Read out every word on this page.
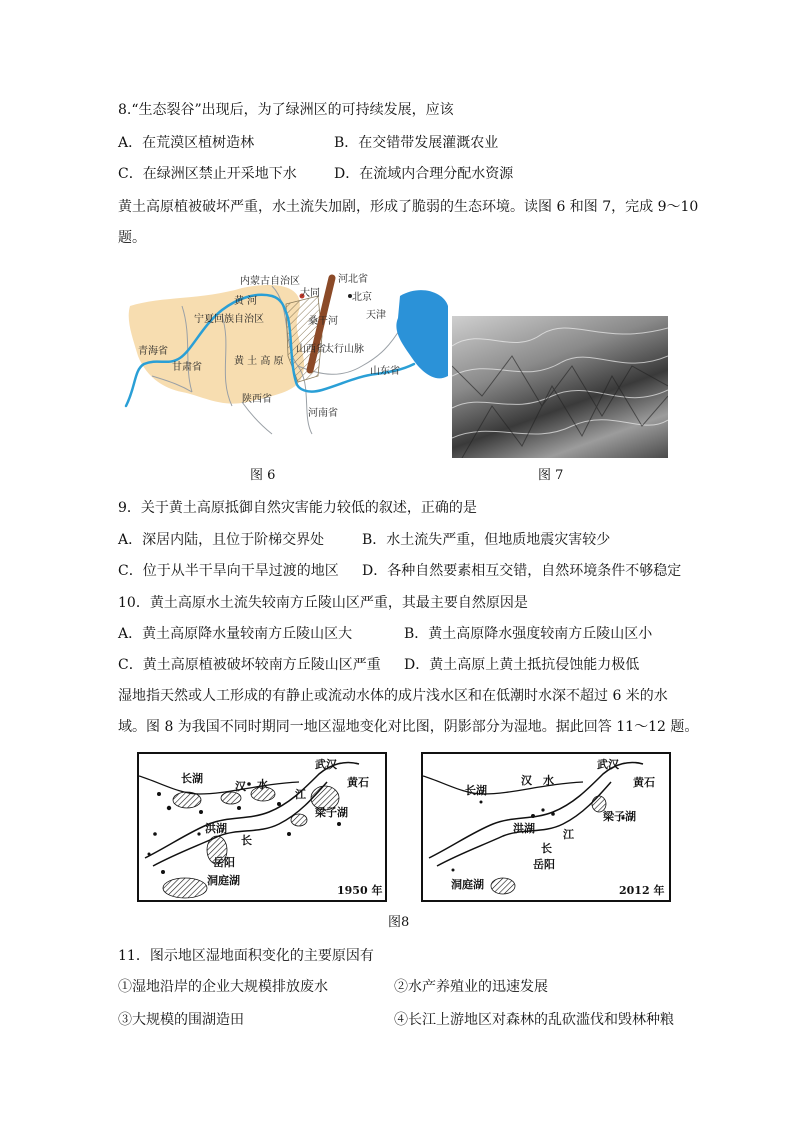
8.“生态裂谷”出现后，为了绿洲区的可持续发展，应该
A．在荒漠区植树造林	B．在交错带发展灌溉农业
C．在绿洲区禁止开采地下水	D．在流域内合理分配水资源
黄土高原植被破坏严重，水土流失加剧，形成了脆弱的生态环境。读图 6 和图 7，完成 9～10
题。
内蒙古自治区
黄 河
大同
河北省
北京
天津
桑干河
太行山脉
青海省
甘肃省
黄 土 高 原
山西省
山东省
陕西省
河南省
宁夏回族自治区
图 6	图 7
9．关于黄土高原抵御自然灾害能力较低的叙述，正确的是
A．深居内陆，且位于阶梯交界处	B．水土流失严重，但地质地震灾害较少
C．位于从半干旱向干旱过渡的地区 D．各种自然要素相互交错，自然环境条件不够稳定
10．黄土高原水土流失较南方丘陵山区严重，其最主要自然原因是
A．黄土高原降水量较南方丘陵山区大	B．黄土高原降水强度较南方丘陵山区小
C．黄土高原植被破坏较南方丘陵山区严重 D．黄土高原上黄土抵抗侵蚀能力极低
湿地指天然或人工形成的有静止或流动水体的成片浅水区和在低潮时水深不超过 6 米的水
域。图 8 为我国不同时期同一地区湿地变化对比图，阴影部分为湿地。据此回答 11～12 题。
武汉
黄石
长湖
汉 水
江
梁子湖
洪湖
长
岳阳
洞庭湖
1950 年
武汉
黄石
长湖
汉 水
江
梁子湖
洪湖
长
岳阳
洞庭湖	2012 年
图8
11．图示地区湿地面积变化的主要原因有
①湿地沿岸的企业大规模排放废水	②水产养殖业的迅速发展
③大规模的围湖造田	④长江上游地区对森林的乱砍滥伐和毁林种粮
